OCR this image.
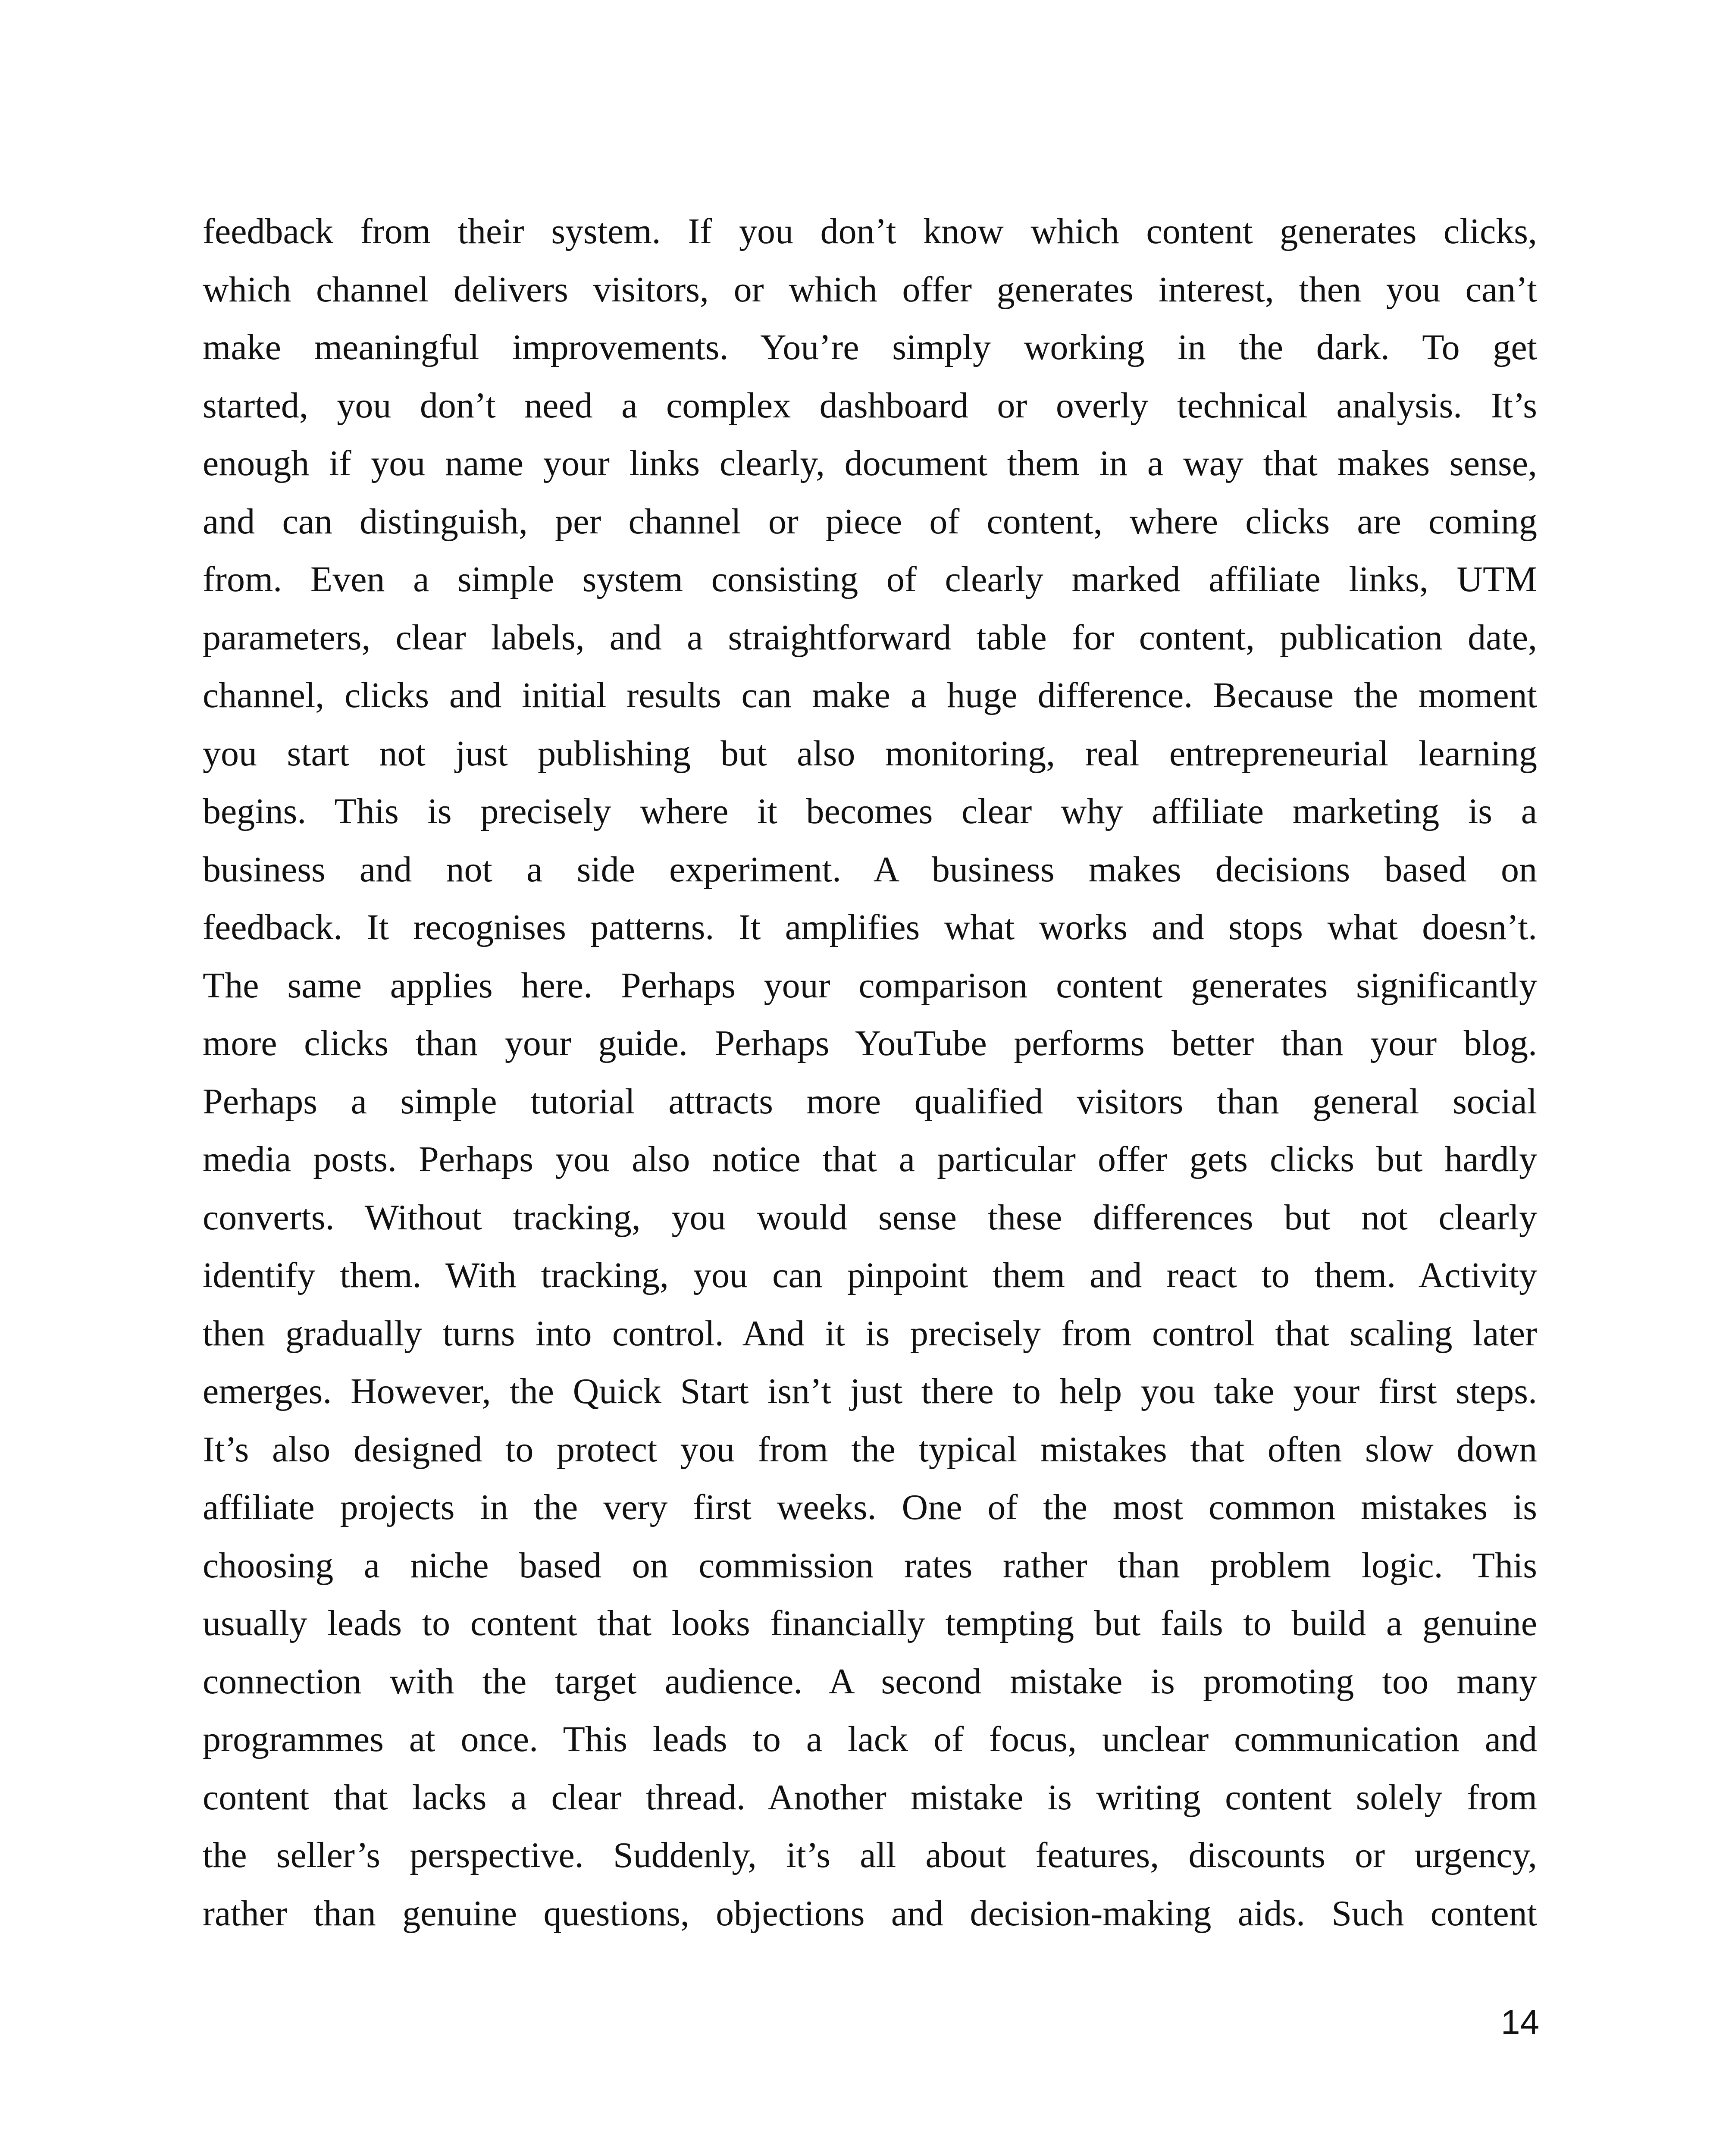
feedback from their system. If you don’t know which content generates clicks,
which channel delivers visitors, or which offer generates interest, then you can’t
make meaningful improvements. You’re simply working in the dark. To get
started, you don’t need a complex dashboard or overly technical analysis. It’s
enough if you name your links clearly, document them in a way that makes sense,
and can distinguish, per channel or piece of content, where clicks are coming
from. Even a simple system consisting of clearly marked affiliate links, UTM
parameters, clear labels, and a straightforward table for content, publication date,
channel, clicks and initial results can make a huge difference. Because the moment
you start not just publishing but also monitoring, real entrepreneurial learning
begins. This is precisely where it becomes clear why affiliate marketing is a
business and not a side experiment. A business makes decisions based on
feedback. It recognises patterns. It amplifies what works and stops what doesn’t.
The same applies here. Perhaps your comparison content generates significantly
more clicks than your guide. Perhaps YouTube performs better than your blog.
Perhaps a simple tutorial attracts more qualified visitors than general social
media posts. Perhaps you also notice that a particular offer gets clicks but hardly
converts. Without tracking, you would sense these differences but not clearly
identify them. With tracking, you can pinpoint them and react to them. Activity
then gradually turns into control. And it is precisely from control that scaling later
emerges. However, the Quick Start isn’t just there to help you take your first steps.
It’s also designed to protect you from the typical mistakes that often slow down
affiliate projects in the very first weeks. One of the most common mistakes is
choosing a niche based on commission rates rather than problem logic. This
usually leads to content that looks financially tempting but fails to build a genuine
connection with the target audience. A second mistake is promoting too many
programmes at once. This leads to a lack of focus, unclear communication and
content that lacks a clear thread. Another mistake is writing content solely from
the seller’s perspective. Suddenly, it’s all about features, discounts or urgency,
rather than genuine questions, objections and decision-making aids. Such content
14
